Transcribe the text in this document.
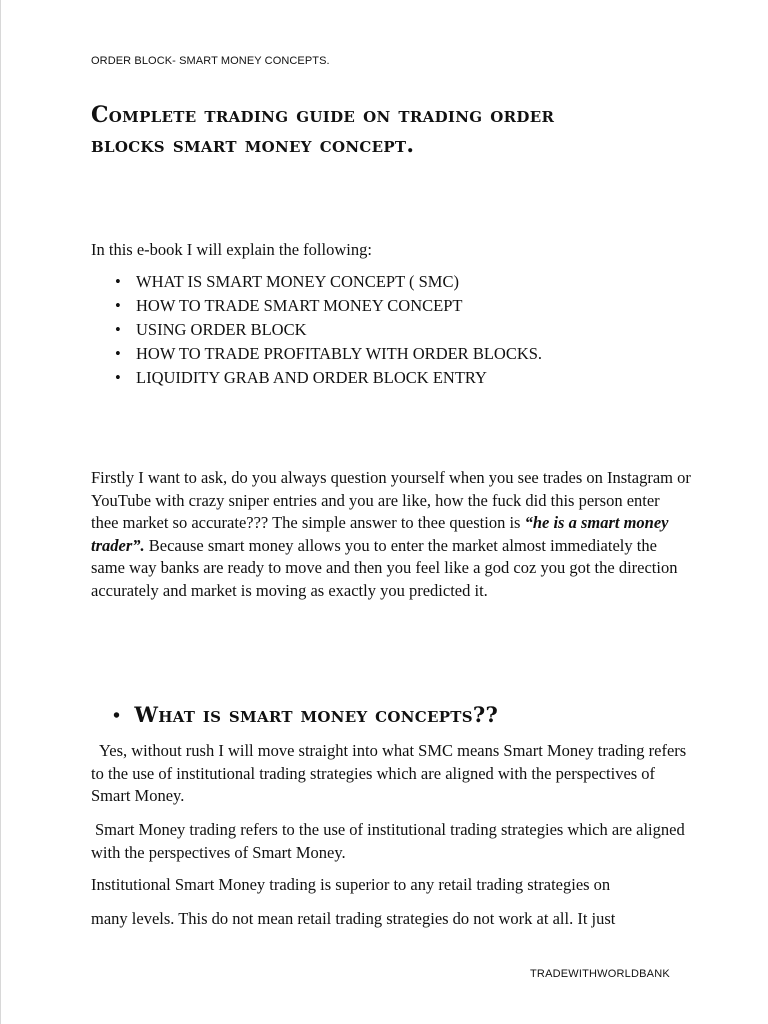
ORDER BLOCK- SMART MONEY CONCEPTS.
Complete trading guide on trading order
blocks smart money concept.
In this e-book I will explain the following:
• WHAT IS SMART MONEY CONCEPT ( SMC)
• HOW TO TRADE SMART MONEY CONCEPT
• USING ORDER BLOCK
• HOW TO TRADE PROFITABLY WITH ORDER BLOCKS.
• LIQUIDITY GRAB AND ORDER BLOCK ENTRY

Firstly I want to ask, do you always question yourself when you see trades on Instagram or YouTube with crazy sniper entries and you are like, how the fuck did this person enter thee market so accurate??? The simple answer to thee question is “he is a smart money trader”. Because smart money allows you to enter the market almost immediately the same way banks are ready to move and then you feel like a god coz you got the direction accurately and market is moving as exactly you predicted it.

• What is smart money concepts??

Yes, without rush I will move straight into what SMC means Smart Money trading refers to the use of institutional trading strategies which are aligned with the perspectives of Smart Money.

Smart Money trading refers to the use of institutional trading strategies which are aligned with the perspectives of Smart Money.

Institutional Smart Money trading is superior to any retail trading strategies on

many levels. This do not mean retail trading strategies do not work at all. It just

TRADEWITHWORLDBANK
